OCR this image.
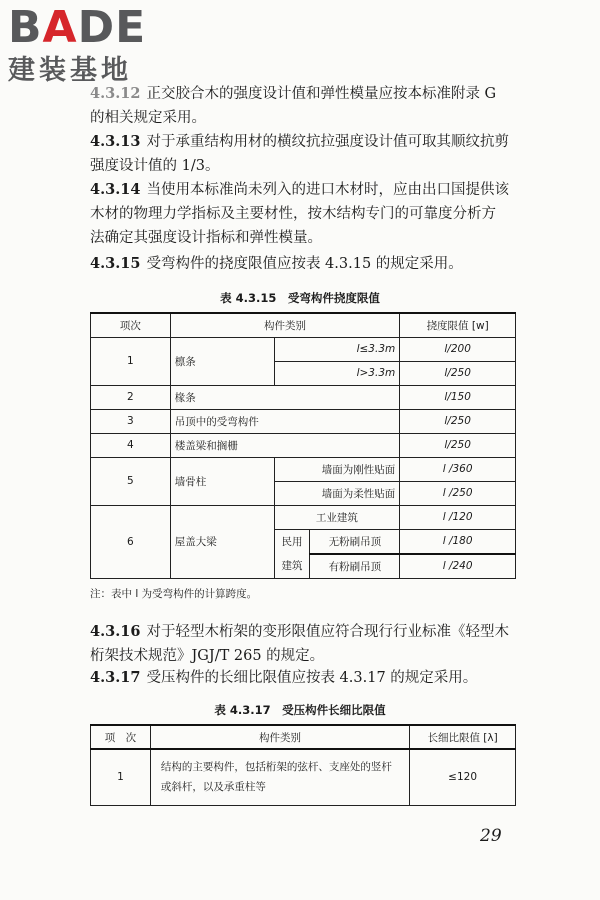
BADE
建装基地

4.3.12 正交胶合木的强度设计值和弹性模量应按本标准附录 G 的相关规定采用。

4.3.13 对于承重结构用材的横纹抗拉强度设计值可取其顺纹抗剪强度设计值的 1/3。

4.3.14 当使用本标准尚未列入的进口木材时，应由出口国提供该木材的物理力学指标及主要材性，按木结构专门的可靠度分析方法确定其强度设计指标和弹性模量。

4.3.15 受弯构件的挠度限值应按表 4.3.15 的规定采用。

表 4.3.15　受弯构件挠度限值
项次	构件类别			挠度限值 [w]
1	檩条	l≤3.3m		l/200
		l>3.3m		l/250
2	椽条			l/150
3	吊顶中的受弯构件			l/250
4	楼盖梁和搁栅			l/250
5	墙骨柱	墙面为刚性贴面		l /360
		墙面为柔性贴面		l /250
6	屋盖大梁	工业建筑		l /120
		民用建筑	无粉刷吊顶	l /180
			有粉刷吊顶	l /240
注：表中 l 为受弯构件的计算跨度。

4.3.16 对于轻型木桁架的变形限值应符合现行行业标准《轻型木桁架技术规范》JGJ/T 265 的规定。

4.3.17 受压构件的长细比限值应按表 4.3.17 的规定采用。

表 4.3.17　受压构件长细比限值
项　次	构件类别	长细比限值 [λ]
1	结构的主要构件，包括桁架的弦杆、支座处的竖杆或斜杆，以及承重柱等	≤120
29
